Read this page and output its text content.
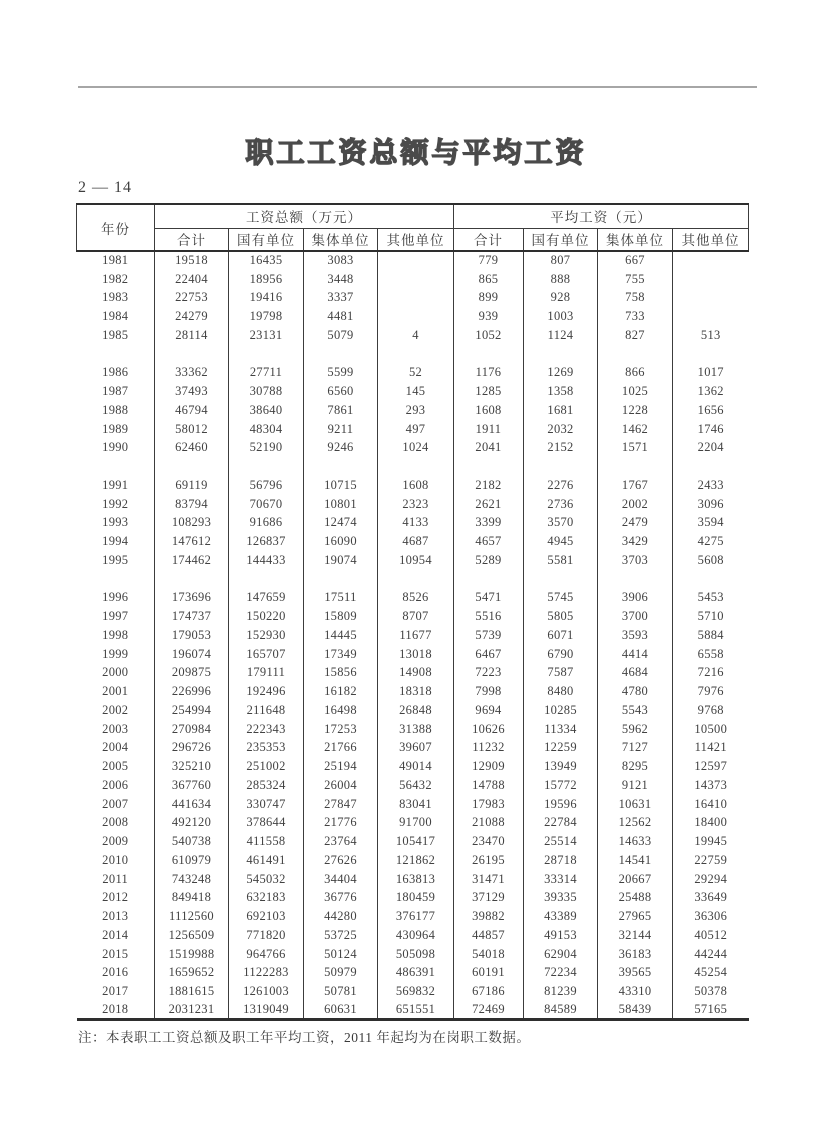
职工工资总额与平均工资
2 — 14
年份	工资总额（万元）				平均工资（元）			
	合计	国有单位	集体单位	其他单位	合计	国有单位	集体单位	其他单位
1981	19518	16435	3083		779	807	667	
1982	22404	18956	3448		865	888	755	
1983	22753	19416	3337		899	928	758	
1984	24279	19798	4481		939	1003	733	
1985	28114	23131	5079	4	1052	1124	827	513

1986	33362	27711	5599	52	1176	1269	866	1017
1987	37493	30788	6560	145	1285	1358	1025	1362
1988	46794	38640	7861	293	1608	1681	1228	1656
1989	58012	48304	9211	497	1911	2032	1462	1746
1990	62460	52190	9246	1024	2041	2152	1571	2204

1991	69119	56796	10715	1608	2182	2276	1767	2433
1992	83794	70670	10801	2323	2621	2736	2002	3096
1993	108293	91686	12474	4133	3399	3570	2479	3594
1994	147612	126837	16090	4687	4657	4945	3429	4275
1995	174462	144433	19074	10954	5289	5581	3703	5608

1996	173696	147659	17511	8526	5471	5745	3906	5453
1997	174737	150220	15809	8707	5516	5805	3700	5710
1998	179053	152930	14445	11677	5739	6071	3593	5884
1999	196074	165707	17349	13018	6467	6790	4414	6558
2000	209875	179111	15856	14908	7223	7587	4684	7216
2001	226996	192496	16182	18318	7998	8480	4780	7976
2002	254994	211648	16498	26848	9694	10285	5543	9768
2003	270984	222343	17253	31388	10626	11334	5962	10500
2004	296726	235353	21766	39607	11232	12259	7127	11421
2005	325210	251002	25194	49014	12909	13949	8295	12597
2006	367760	285324	26004	56432	14788	15772	9121	14373
2007	441634	330747	27847	83041	17983	19596	10631	16410
2008	492120	378644	21776	91700	21088	22784	12562	18400
2009	540738	411558	23764	105417	23470	25514	14633	19945
2010	610979	461491	27626	121862	26195	28718	14541	22759
2011	743248	545032	34404	163813	31471	33314	20667	29294
2012	849418	632183	36776	180459	37129	39335	25488	33649
2013	1112560	692103	44280	376177	39882	43389	27965	36306
2014	1256509	771820	53725	430964	44857	49153	32144	40512
2015	1519988	964766	50124	505098	54018	62904	36183	44244
2016	1659652	1122283	50979	486391	60191	72234	39565	45254
2017	1881615	1261003	50781	569832	67186	81239	43310	50378
2018	2031231	1319049	60631	651551	72469	84589	58439	57165
注：本表职工工资总额及职工年平均工资，2011 年起均为在岗职工数据。
